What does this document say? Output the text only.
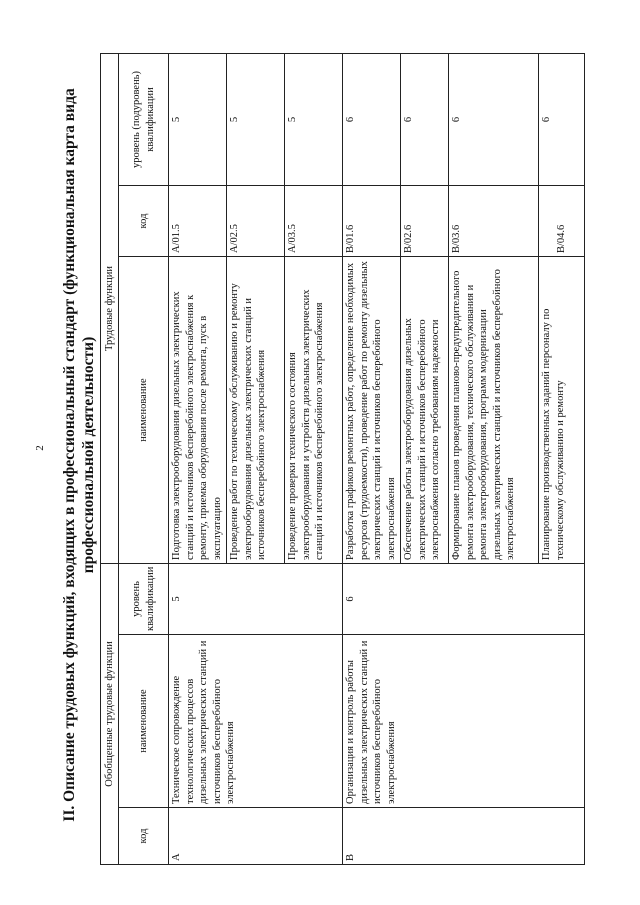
2 II. Описание трудовых функций, входящих в профессиональный стандарт (функциональная карта вида профессиональной деятельности)
Обобщенные трудовые функции			Трудовые функции		
код	наименование	уровень квалификации	наименование	код	уровень (подуровень) квалификации
A	Техническое сопровождение технологических процессов дизельных электрических станций и источников бесперебойного электроснабжения	5	Подготовка электрооборудования дизельных электрических станций и источников бесперебойного электроснабжения к ремонту, приемка оборудования после ремонта, пуск в эксплуатацию	A/01.5	5
			Проведение работ по техническому обслуживанию и ремонту электрооборудования дизельных электрических станций и источников бесперебойного электроснабжения	A/02.5	5
			Проведение проверки технического состояния электрооборудования и устройств дизельных электрических станций и источников бесперебойного электроснабжения	A/03.5	5
B	Организация и контроль работы дизельных электрических станций и источников бесперебойного электроснабжения	6	Разработка графиков ремонтных работ, определение необходимых ресурсов (трудоемкости), проведение работ по ремонту дизельных электрических станций и источников бесперебойного электроснабжения	B/01.6	6
			Обеспечение работы электрооборудования дизельных электрических станций и источников бесперебойного электроснабжения согласно требованиям надежности	B/02.6	6
			Формирование планов проведения планово-предупредительного ремонта электрооборудования, технического обслуживания и ремонта электрооборудования, программ модернизации дизельных электрических станций и источников бесперебойного электроснабжения	B/03.6	6
			Планирование производственных заданий персоналу по техническому обслуживанию и ремонту	B/04.6	6
